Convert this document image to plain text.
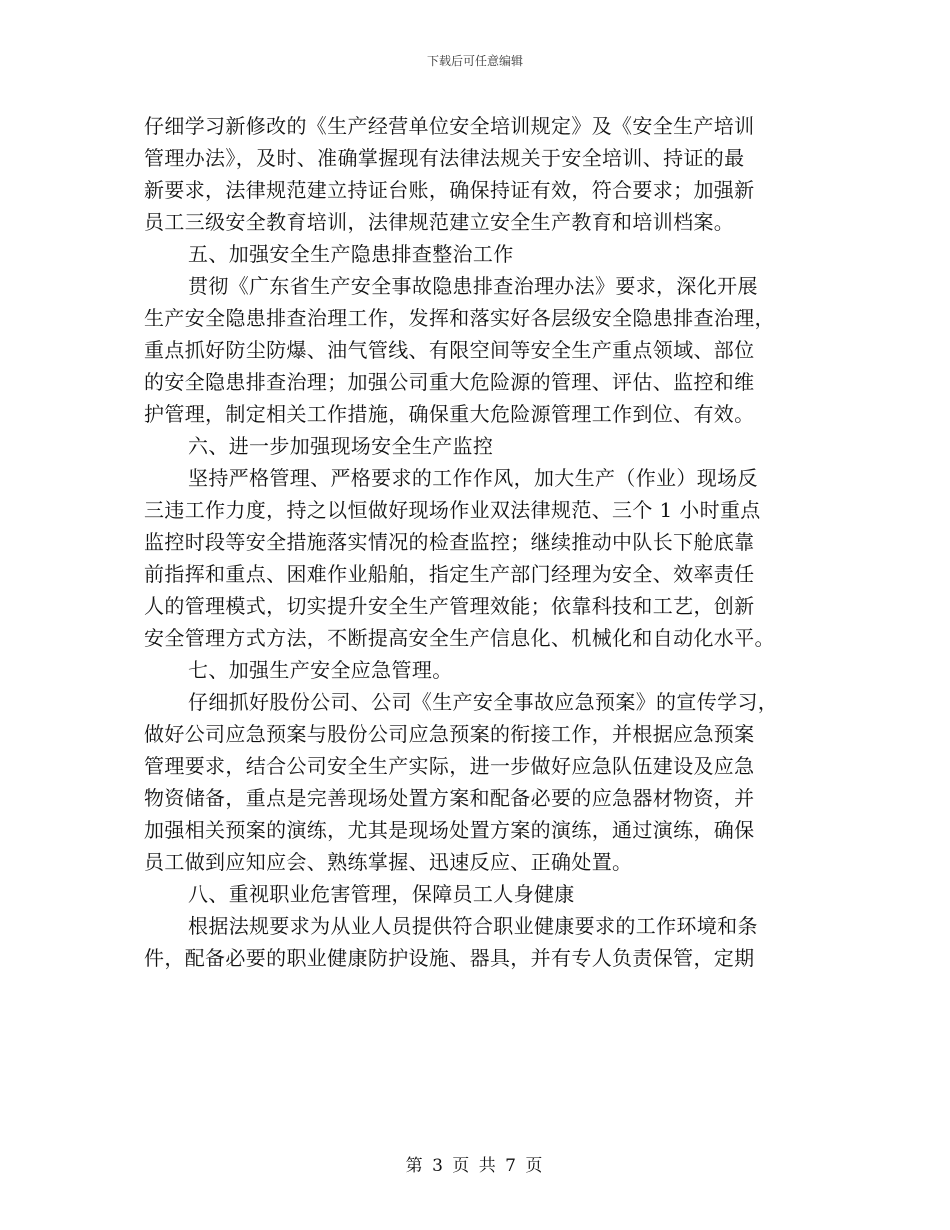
下载后可任意编辑
仔细学习新修改的《生产经营单位安全培训规定》及《安全生产培训
管理办法》，及时、准确掌握现有法律法规关于安全培训、持证的最
新要求，法律规范建立持证台账，确保持证有效，符合要求；加强新
员工三级安全教育培训，法律规范建立安全生产教育和培训档案。
五、加强安全生产隐患排查整治工作
贯彻《广东省生产安全事故隐患排查治理办法》要求，深化开展
生产安全隐患排查治理工作，发挥和落实好各层级安全隐患排查治理，
重点抓好防尘防爆、油气管线、有限空间等安全生产重点领域、部位
的安全隐患排查治理；加强公司重大危险源的管理、评估、监控和维
护管理，制定相关工作措施，确保重大危险源管理工作到位、有效。
六、进一步加强现场安全生产监控
坚持严格管理、严格要求的工作作风，加大生产（作业）现场反
三违工作力度，持之以恒做好现场作业双法律规范、三个 1 小时重点
监控时段等安全措施落实情况的检查监控；继续推动中队长下舱底靠
前指挥和重点、困难作业船舶，指定生产部门经理为安全、效率责任
人的管理模式，切实提升安全生产管理效能；依靠科技和工艺，创新
安全管理方式方法，不断提高安全生产信息化、机械化和自动化水平。
七、加强生产安全应急管理。
仔细抓好股份公司、公司《生产安全事故应急预案》的宣传学习，
做好公司应急预案与股份公司应急预案的衔接工作，并根据应急预案
管理要求，结合公司安全生产实际，进一步做好应急队伍建设及应急
物资储备，重点是完善现场处置方案和配备必要的应急器材物资，并
加强相关预案的演练，尤其是现场处置方案的演练，通过演练，确保
员工做到应知应会、熟练掌握、迅速反应、正确处置。
八、重视职业危害管理，保障员工人身健康
根据法规要求为从业人员提供符合职业健康要求的工作环境和条
件，配备必要的职业健康防护设施、器具，并有专人负责保管，定期
第 3 页 共 7 页
